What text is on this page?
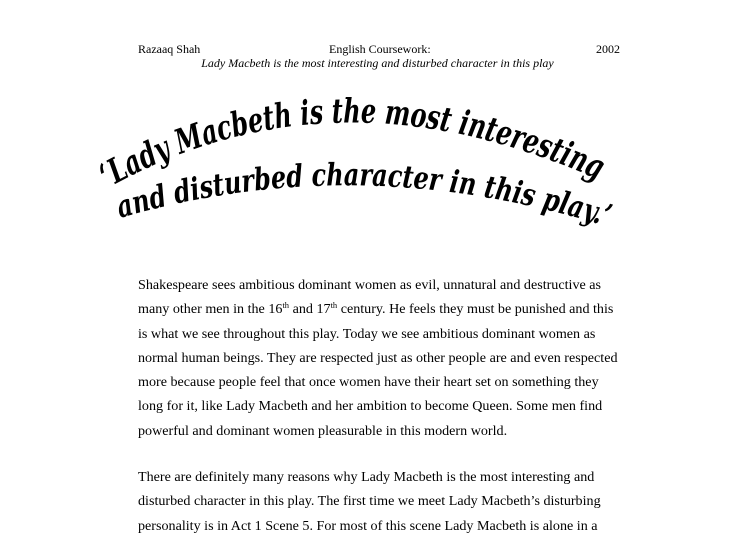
Razaaq Shah	English Coursework:	2002
Lady Macbeth is the most interesting and disturbed character in this play
‘Lady Macbeth is the most interesting
and disturbed character in this play.’

Shakespeare sees ambitious dominant women as evil, unnatural and destructive as
many other men in the 16th and 17th century. He feels they must be punished and this
is what we see throughout this play. Today we see ambitious dominant women as
normal human beings. They are respected just as other people are and even respected
more because people feel that once women have their heart set on something they
long for it, like Lady Macbeth and her ambition to become Queen. Some men find
powerful and dominant women pleasurable in this modern world.

There are definitely many reasons why Lady Macbeth is the most interesting and
disturbed character in this play. The first time we meet Lady Macbeth’s disturbing
personality is in Act 1 Scene 5. For most of this scene Lady Macbeth is alone in a
